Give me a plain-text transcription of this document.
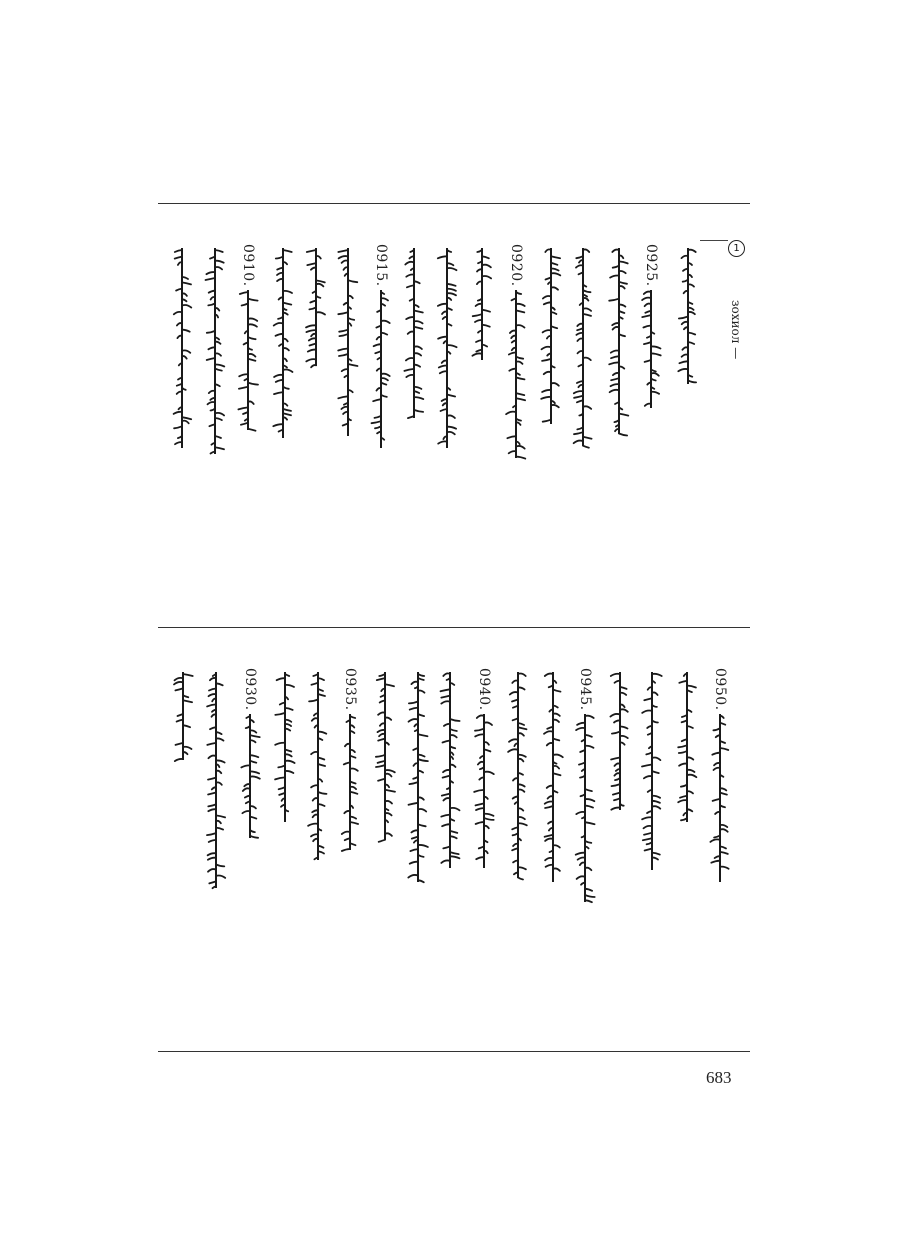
1
зохиол —
0925.
0920.
0915.
0910.
0950.
0945.
0940.
0935.
0930.
683
